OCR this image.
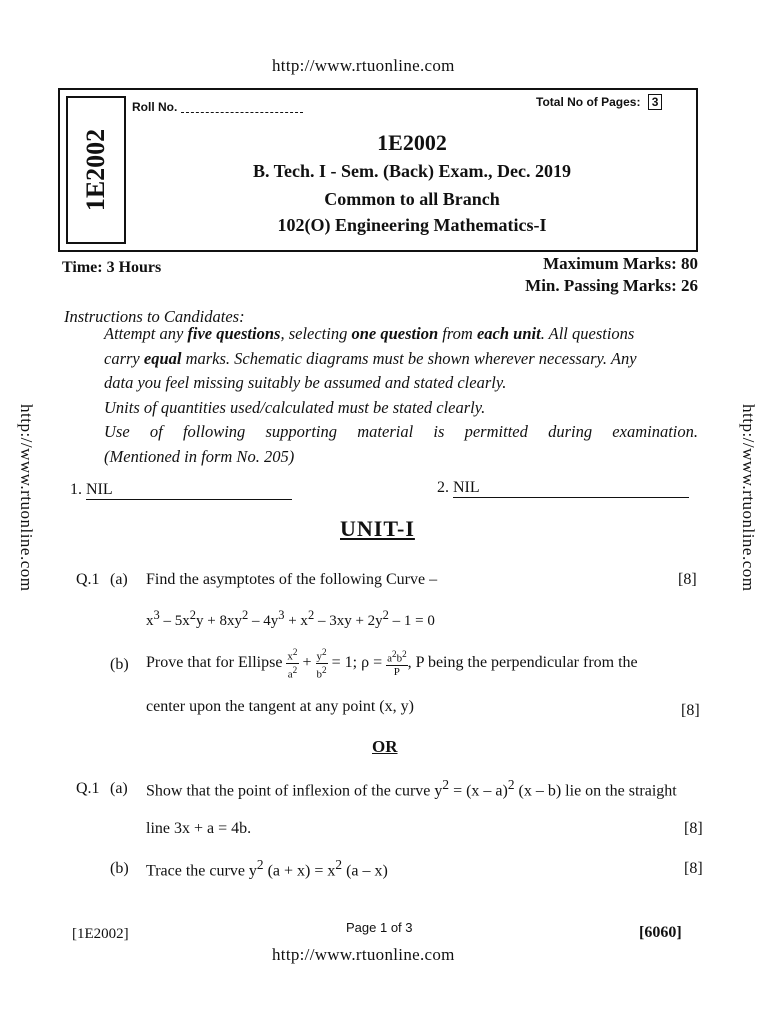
http://www.rtuonline.com
http://www.rtuonline.com	http://www.rtuonline.com
1E2002
Roll No.	Total No of Pages: 3
1E2002
B. Tech. I - Sem. (Back) Exam., Dec. 2019
Common to all Branch
102(O) Engineering Mathematics-I
Time: 3 Hours	Maximum Marks: 80
Min. Passing Marks: 26
Instructions to Candidates:
Attempt any five questions, selecting one question from each unit. All questions
carry equal marks. Schematic diagrams must be shown wherever necessary. Any
data you feel missing suitably be assumed and stated clearly.
Units of quantities used/calculated must be stated clearly.
Use of following supporting material is permitted during examination.
(Mentioned in form No. 205)
1. NIL	2. NIL
UNIT-I
Q.1 (a) Find the asymptotes of the following Curve –	[8]
$x^3 - 5x^2y + 8xy^2 - 4y^3 + x^2 - 3xy + 2y^2 - 1 = 0$
(b) Prove that for Ellipse $\frac{x^2}{a^2} + \frac{y^2}{b^2} = 1$; $\rho = \frac{a^2b^2}{P}$ , P being the perpendicular from the
center upon the tangent at any point (x, y)	[8]
OR
Q.1 (a) Show that the point of inflexion of the curve $y^2 = (x - a)^2$ (x – b) lie on the straight
line 3x + a = 4b.	[8]
(b) Trace the curve $y^2$ $(a + x) = x^2$ (a – x)	[8]
[1E2002]	Page 1 of 3	[6060]
http://www.rtuonline.com
